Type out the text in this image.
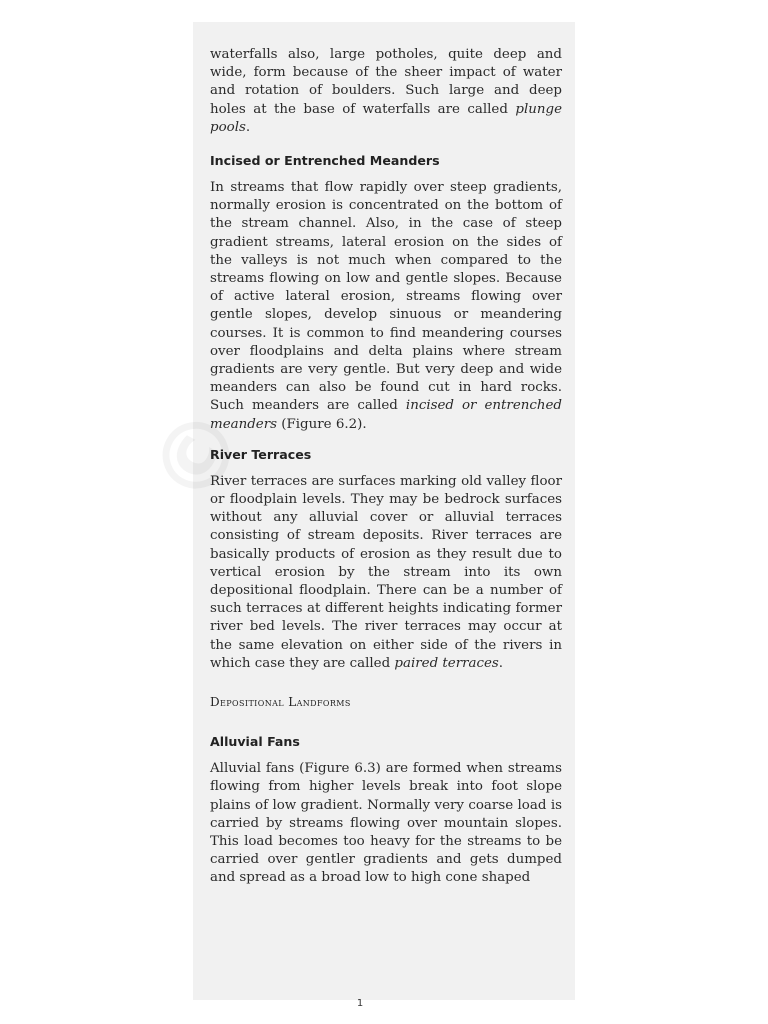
waterfalls also, large potholes, quite deep and wide, form because of the sheer impact of water and rotation of boulders. Such large and deep holes at the base of waterfalls are called plunge pools.

Incised or Entrenched Meanders

In streams that flow rapidly over steep gradients, normally erosion is concentrated on the bottom of the stream channel. Also, in the case of steep gradient streams, lateral erosion on the sides of the valleys is not much when compared to the streams flowing on low and gentle slopes. Because of active lateral erosion, streams flowing over gentle slopes, develop sinuous or meandering courses. It is common to find meandering courses over floodplains and delta plains where stream gradients are very gentle. But very deep and wide meanders can also be found cut in hard rocks. Such meanders are called incised or entrenched meanders (Figure 6.2).

River Terraces

River terraces are surfaces marking old valley floor or floodplain levels. They may be bedrock surfaces without any alluvial cover or alluvial terraces consisting of stream deposits. River terraces are basically products of erosion as they result due to vertical erosion by the stream into its own depositional floodplain. There can be a number of such terraces at different heights indicating former river bed levels. The river terraces may occur at the same elevation on either side of the rivers in which case they are called paired terraces.

Depositional Landforms
Alluvial Fans

Alluvial fans (Figure 6.3) are formed when streams flowing from higher levels break into foot slope plains of low gradient. Normally very coarse load is carried by streams flowing over mountain slopes. This load becomes too heavy for the streams to be carried over gentler gradients and gets dumped and spread as a broad low to high cone shaped

1
